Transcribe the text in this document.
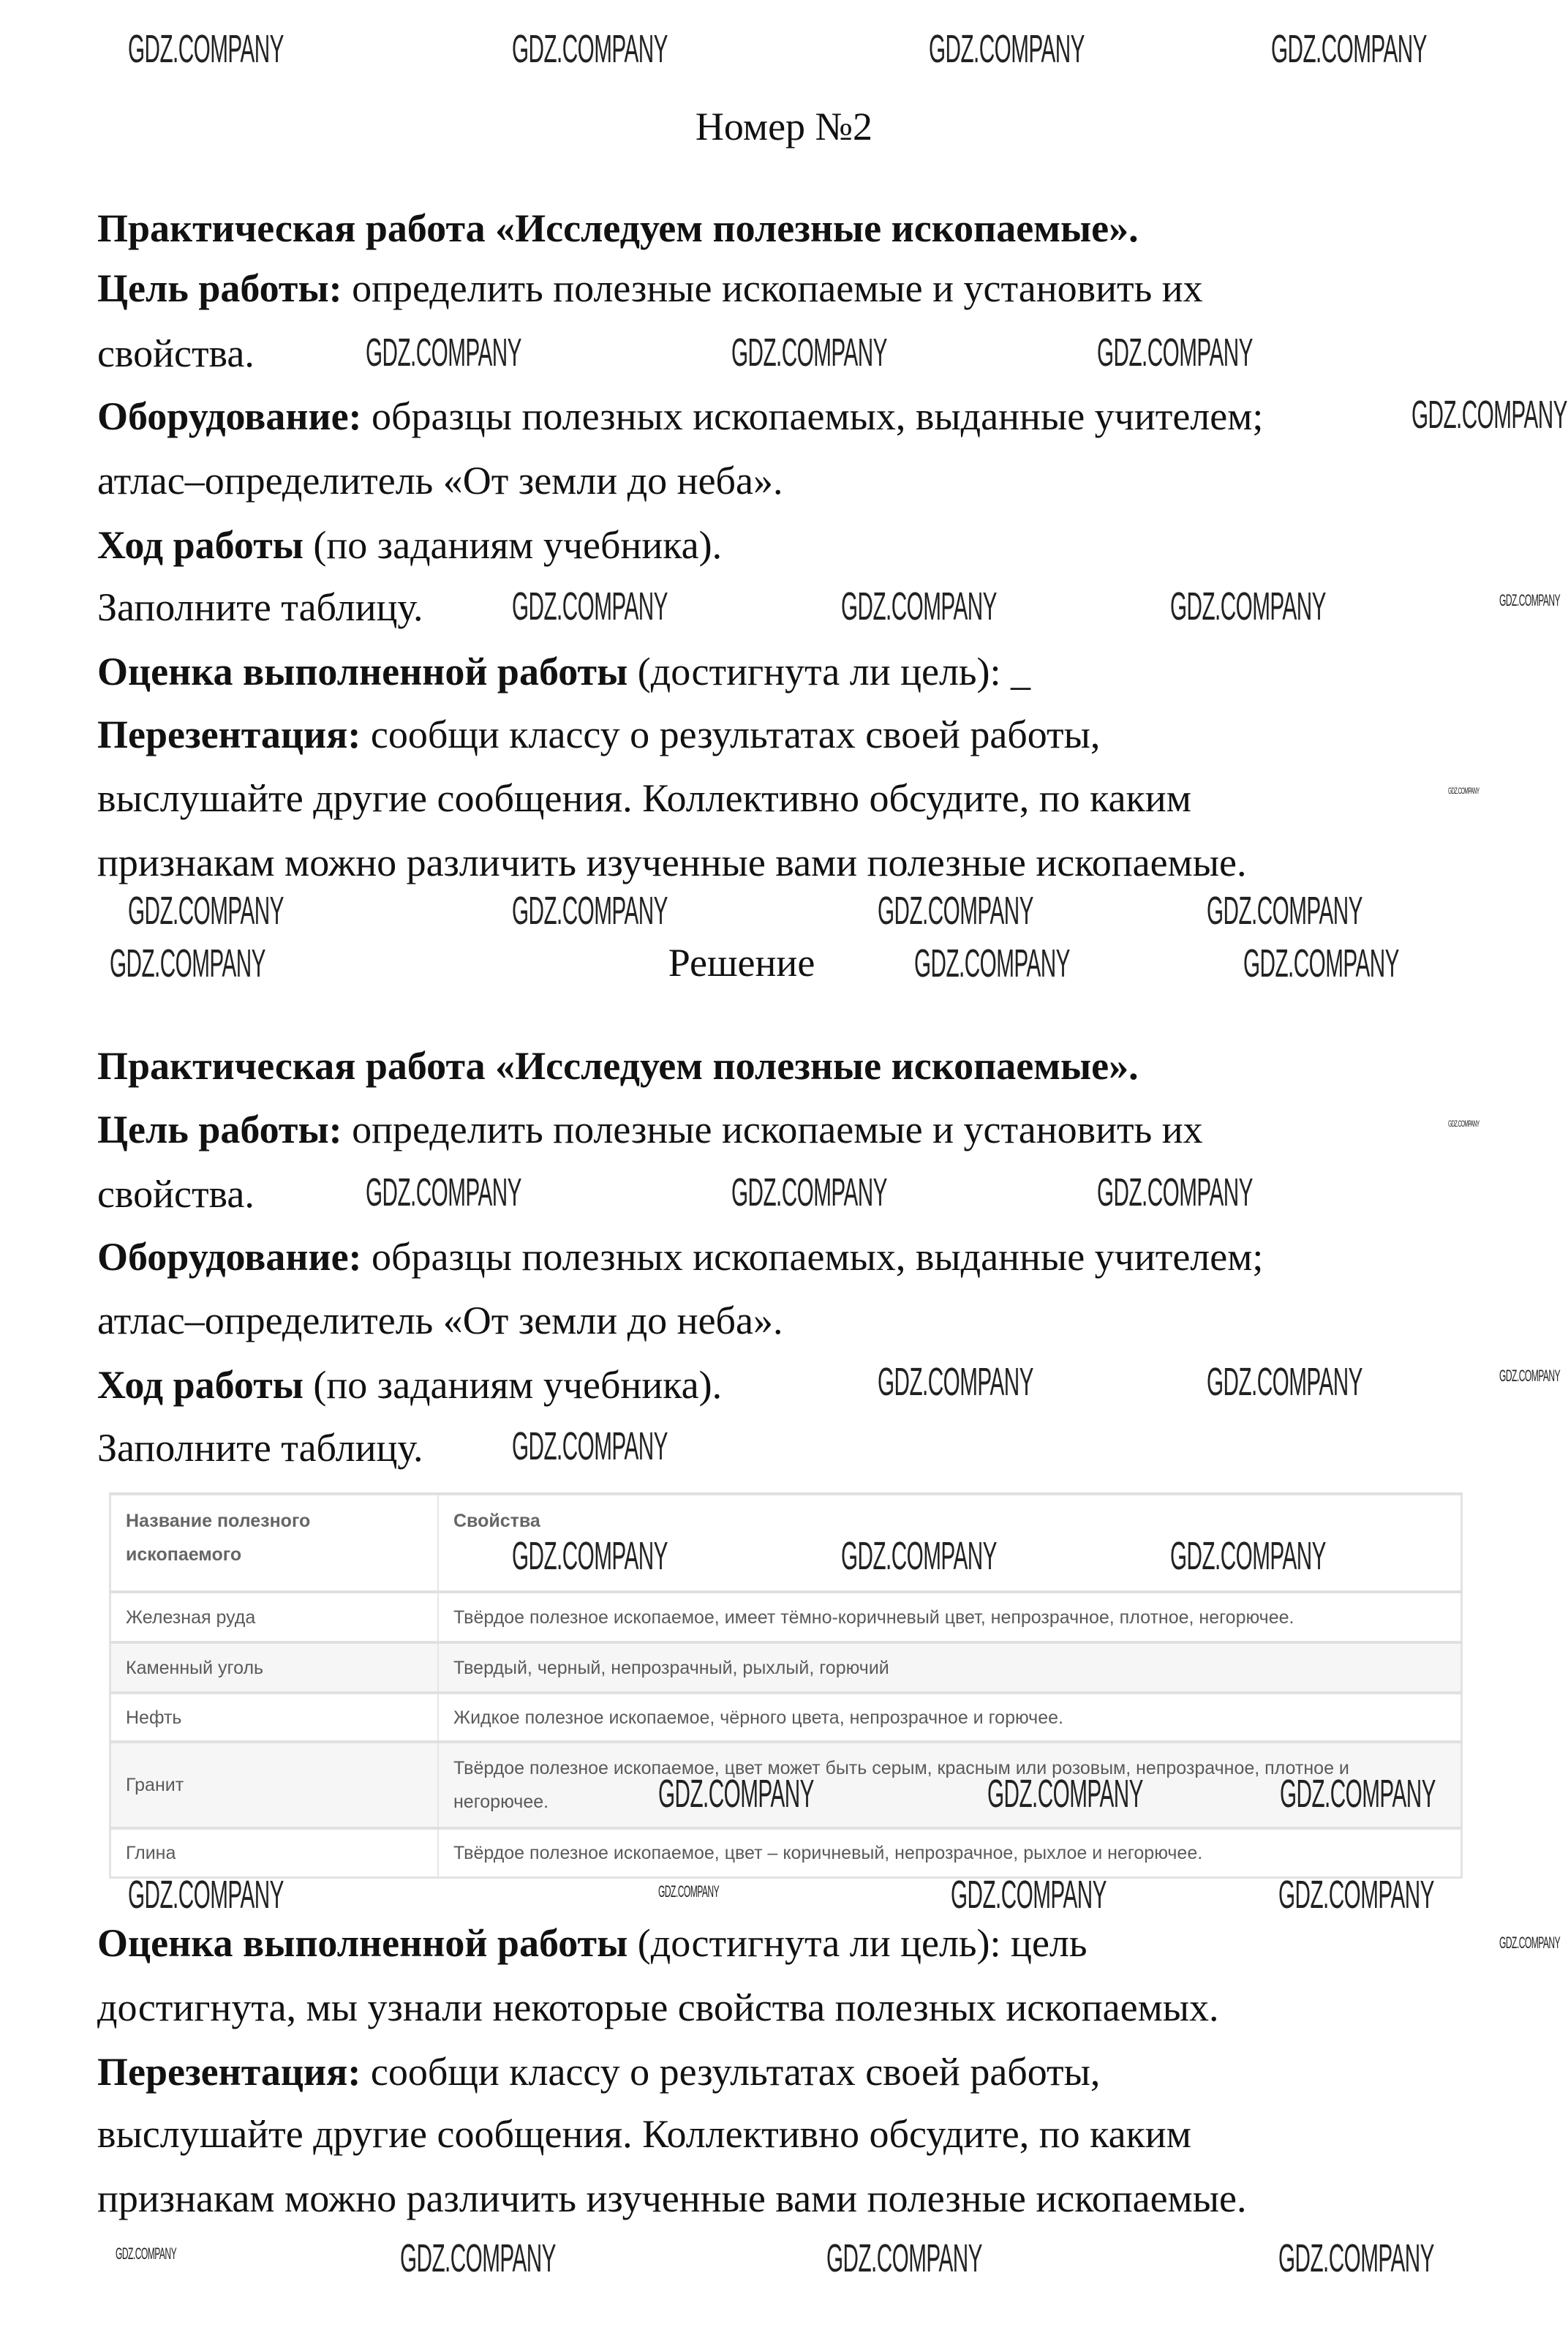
Номер №2
Практическая работа «Исследуем полезные ископаемые».
Цель работы: определить полезные ископаемые и установить их
свойства.
Оборудование: образцы полезных ископаемых, выданные учителем;
атлас–определитель «От земли до неба».
Ход работы (по заданиям учебника).
Заполните таблицу.
Оценка выполненной работы (достигнута ли цель): _
Перезентация: сообщи классу о результатах своей работы,
выслушайте другие сообщения. Коллективно обсудите, по каким
признакам можно различить изученные вами полезные ископаемые.
Решение
Практическая работа «Исследуем полезные ископаемые».
Цель работы: определить полезные ископаемые и установить их
свойства.
Оборудование: образцы полезных ископаемых, выданные учителем;
атлас–определитель «От земли до неба».
Ход работы (по заданиям учебника).
Заполните таблицу.
Название полезного ископаемого	Свойства
Железная руда	Твёрдое полезное ископаемое, имеет тёмно-коричневый цвет, непрозрачное, плотное, негорючее.
Каменный уголь	Твердый, черный, непрозрачный, рыхлый, горючий
Нефть	Жидкое полезное ископаемое, чёрного цвета, непрозрачное и горючее.
Гранит	Твёрдое полезное ископаемое, цвет может быть серым, красным или розовым, непрозрачное, плотное и негорючее.
Глина	Твёрдое полезное ископаемое, цвет – коричневый, непрозрачное, рыхлое и негорючее.
Оценка выполненной работы (достигнута ли цель): цель
достигнута, мы узнали некоторые свойства полезных ископаемых.
Перезентация: сообщи классу о результатах своей работы,
выслушайте другие сообщения. Коллективно обсудите, по каким
признакам можно различить изученные вами полезные ископаемые.
GDZ.COMPANY	GDZ.COMPANY	GDZ.COMPANY	GDZ.COMPANY
GDZ.COMPANY	GDZ.COMPANY	GDZ.COMPANY
GDZ.COMPANY
GDZ.COMPANY
GDZ.COMPANY	GDZ.COMPANY	GDZ.COMPANY
GDZ.COMPANY	GDZ.COMPANY	GDZ.COMPANY
GDZ.COMPANY
GDZ.COMPANY
GDZ.COMPANY
GDZ.COMPANY	GDZ.COMPANY
GDZ.COMPANY	GDZ.COMPANY	GDZ.COMPANY
GDZ.COMPANY
GDZ.COMPANY
GDZ.COMPANY
GDZ.COMPANY	GDZ.COMPANY
GDZ.COMPANY	GDZ.COMPANY	GDZ.COMPANY
GDZ.COMPANY
GDZ.COMPANY
GDZ.COMPANY	GDZ.COMPANY
GDZ.COMPANY
GDZ.COMPANY	GDZ.COMPANY	GDZ.COMPANY
GDZ.COMPANY	GDZ.COMPANY	GDZ.COMPANY	GDZ.COMPANY
